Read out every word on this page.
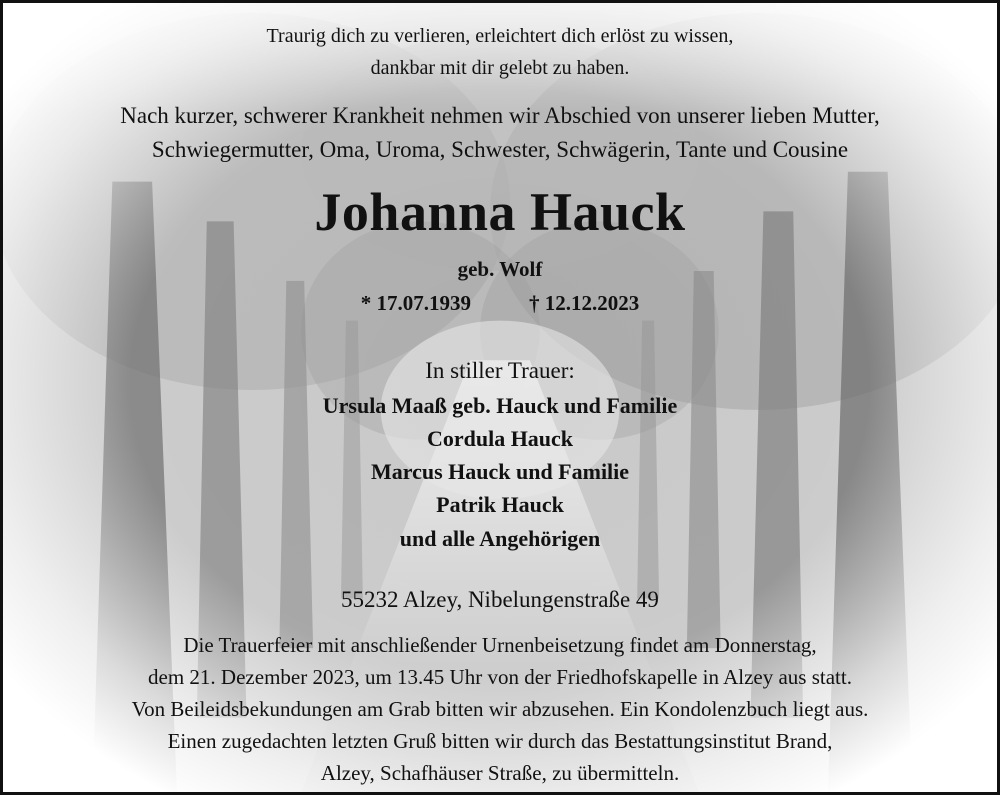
Traurig dich zu verlieren, erleichtert dich erlöst zu wissen,
dankbar mit dir gelebt zu haben.
Nach kurzer, schwerer Krankheit nehmen wir Abschied von unserer lieben Mutter,
Schwiegermutter, Oma, Uroma, Schwester, Schwägerin, Tante und Cousine
Johanna Hauck
geb. Wolf
* 17.07.1939	† 12.12.2023
In stiller Trauer:
Ursula Maaß geb. Hauck und Familie
Cordula Hauck
Marcus Hauck und Familie
Patrik Hauck
und alle Angehörigen
55232 Alzey, Nibelungenstraße 49
Die Trauerfeier mit anschließender Urnenbeisetzung findet am Donnerstag,
dem 21. Dezember 2023, um 13.45 Uhr von der Friedhofskapelle in Alzey aus statt.
Von Beileidsbekundungen am Grab bitten wir abzusehen. Ein Kondolenzbuch liegt aus.
Einen zugedachten letzten Gruß bitten wir durch das Bestattungsinstitut Brand,
Alzey, Schafhäuser Straße, zu übermitteln.
